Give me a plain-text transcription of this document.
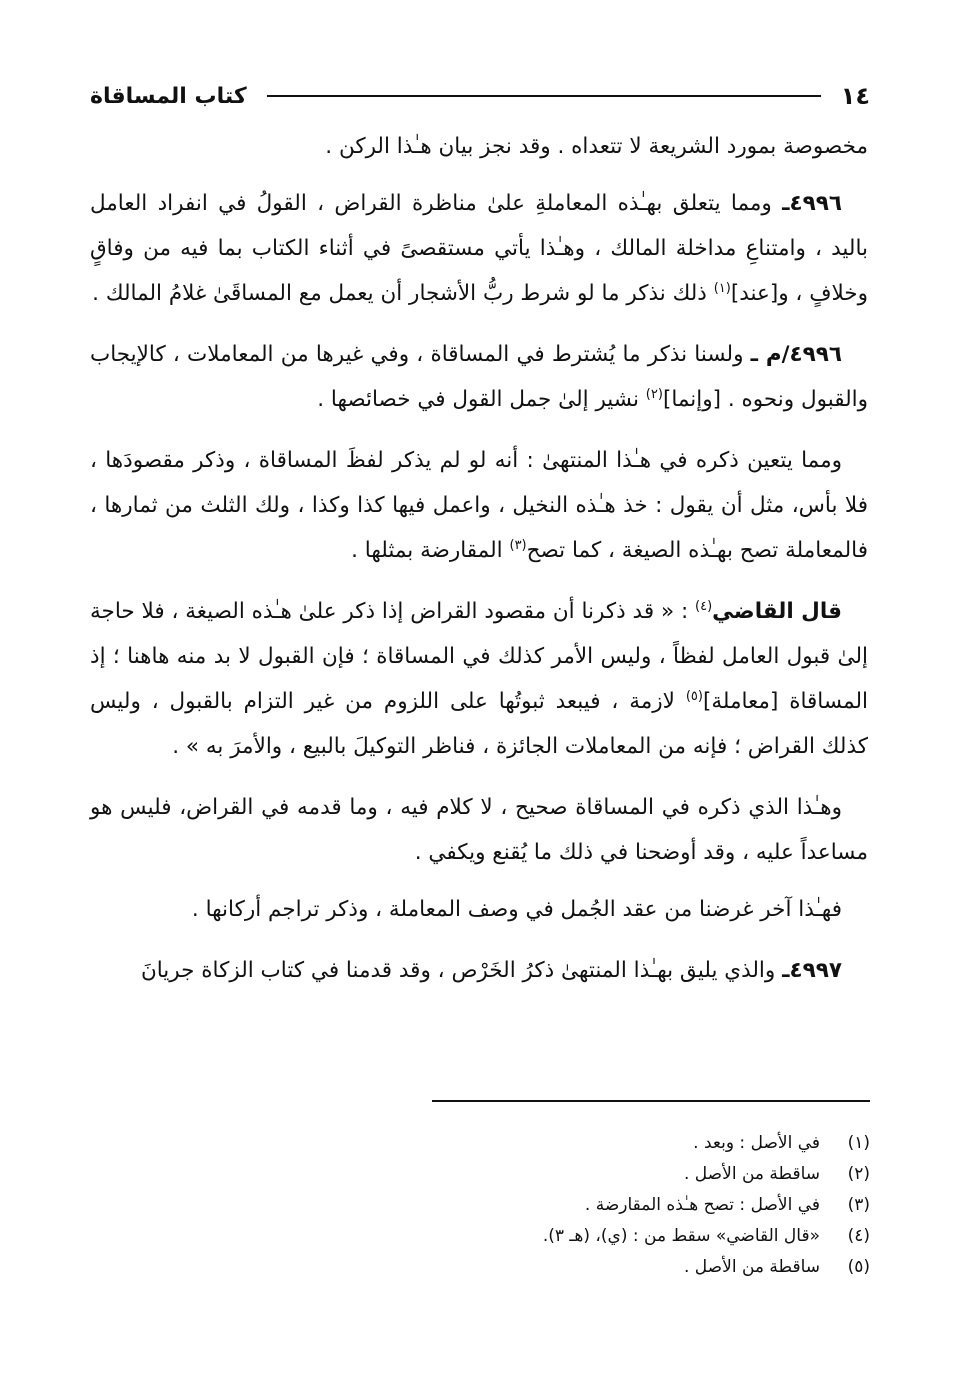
١٤
كتاب المساقاة

مخصوصة بمورد الشريعة لا تتعداه . وقد نجز بيان هـٰذا الركن .

٤٩٩٦ـ ومما يتعلق بهـٰذه المعاملةِ علىٰ مناظرة القراض ، القولُ في انفراد العامل باليد ، وامتناعِ مداخلة المالك ، وهـٰذا يأتي مستقصىً في أثناء الكتاب بما فيه من وفاقٍ وخلافٍ ، و[عند]$^{(١)}$ ذلك نذكر ما لو شرط ربُّ الأشجار أن يعمل مع المساقَىٰ غلامُ المالك .

٤٩٩٦/م ـ ولسنا نذكر ما يُشترط في المساقاة ، وفي غيرها من المعاملات ، كالإيجاب والقبول ونحوه . [وإنما]$^{(٢)}$ نشير إلىٰ جمل القول في خصائصها .

ومما يتعين ذكره في هـٰذا المنتهىٰ : أنه لو لم يذكر لفظَ المساقاة ، وذكر مقصودَها ، فلا بأس، مثل أن يقول : خذ هـٰذه النخيل ، واعمل فيها كذا وكذا ، ولك الثلث من ثمارها ، فالمعاملة تصح بهـٰذه الصيغة ، كما تصح$^{(٣)}$ المقارضة بمثلها .

قال القاضي$^{(٤)}$ : « قد ذكرنا أن مقصود القراض إذا ذكر علىٰ هـٰذه الصيغة ، فلا حاجة إلىٰ قبول العامل لفظاً ، وليس الأمر كذلك في المساقاة ؛ فإن القبول لا بد منه هاهنا ؛ إذ المساقاة [معاملة]$^{(٥)}$ لازمة ، فيبعد ثبوتُها على اللزوم من غير التزام بالقبول ، وليس كذلك القراض ؛ فإنه من المعاملات الجائزة ، فناظر التوكيلَ بالبيع ، والأمرَ به » .

وهـٰذا الذي ذكره في المساقاة صحيح ، لا كلام فيه ، وما قدمه في القراض، فليس هو مساعداً عليه ، وقد أوضحنا في ذلك ما يُقنع ويكفي .

فهـٰذا آخر غرضنا من عقد الجُمل في وصف المعاملة ، وذكر تراجم أركانها .

٤٩٩٧ـ والذي يليق بهـٰذا المنتهىٰ ذكرُ الخَرْص ، وقد قدمنا في كتاب الزكاة جريانَ

(١)
في الأصل : وبعد .
(٢)
ساقطة من الأصل .
(٣)
في الأصل : تصح هـٰذه المقارضة .
(٤)
«قال القاضي» سقط من : (ي)، (هـ ٣).
(٥)
ساقطة من الأصل .
